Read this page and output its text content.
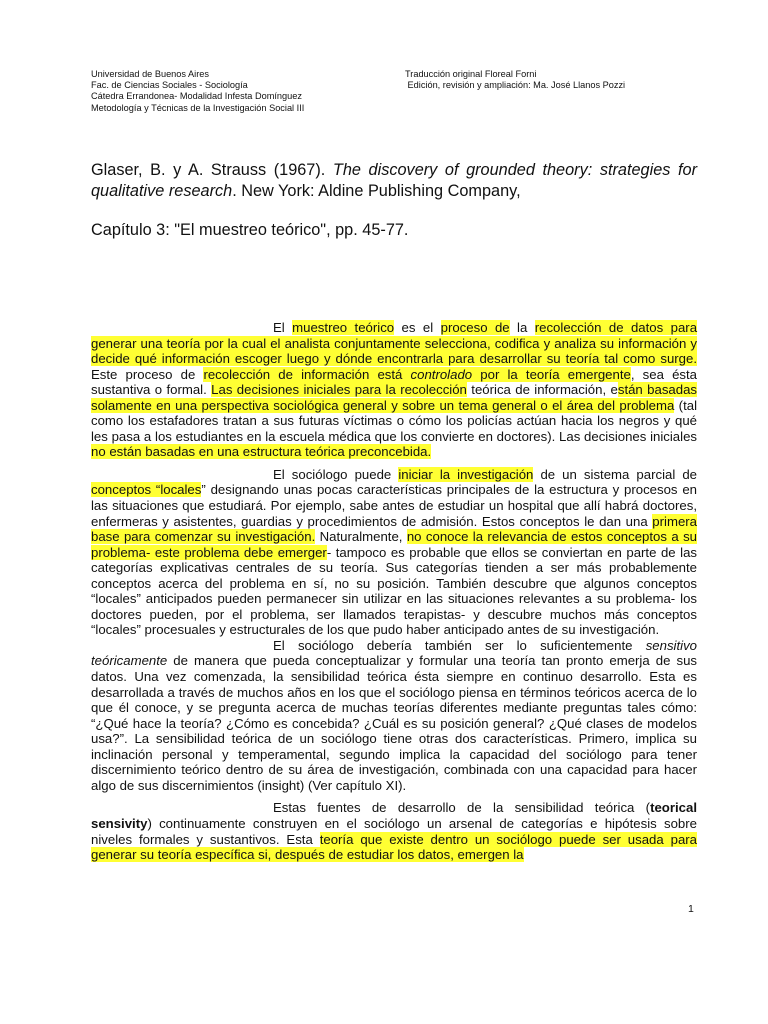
Universidad de Buenos Aires
Fac. de Ciencias Sociales - Sociología
Cátedra Errandonea- Modalidad Infesta Domínguez
Metodología y Técnicas de la Investigación Social III
Traducción original Floreal Forni
Edición, revisión y ampliación: Ma. José Llanos Pozzi
Glaser, B. y A. Strauss (1967). The discovery of grounded theory: strategies for qualitative research. New York: Aldine Publishing Company,
Capítulo 3: "El muestreo teórico", pp. 45-77.

El muestreo teórico es el proceso de la recolección de datos para generar una teoría por la cual el analista conjuntamente selecciona, codifica y analiza su información y decide qué información escoger luego y dónde encontrarla para desarrollar su teoría tal como surge. Este proceso de recolección de información está controlado por la teoría emergente, sea ésta sustantiva o formal. Las decisiones iniciales para la recolección teórica de información, están basadas solamente en una perspectiva sociológica general y sobre un tema general o el área del problema (tal como los estafadores tratan a sus futuras víctimas o cómo los policías actúan hacia los negros y qué les pasa a los estudiantes en la escuela médica que los convierte en doctores). Las decisiones iniciales no están basadas en una estructura teórica preconcebida.

El sociólogo puede iniciar la investigación de un sistema parcial de conceptos “locales” designando unas pocas características principales de la estructura y procesos en las situaciones que estudiará. Por ejemplo, sabe antes de estudiar un hospital que allí habrá doctores, enfermeras y asistentes, guardias y procedimientos de admisión. Estos conceptos le dan una primera base para comenzar su investigación. Naturalmente, no conoce la relevancia de estos conceptos a su problema- este problema debe emerger- tampoco es probable que ellos se conviertan en parte de las categorías explicativas centrales de su teoría. Sus categorías tienden a ser más probablemente conceptos acerca del problema en sí, no su posición. También descubre que algunos conceptos “locales” anticipados pueden permanecer sin utilizar en las situaciones relevantes a su problema- los doctores pueden, por el problema, ser llamados terapistas- y descubre muchos más conceptos “locales” procesuales y estructurales de los que pudo haber anticipado antes de su investigación.

El sociólogo debería también ser lo suficientemente sensitivo teóricamente de manera que pueda conceptualizar y formular una teoría tan pronto emerja de sus datos. Una vez comenzada, la sensibilidad teórica ésta siempre en continuo desarrollo. Esta es desarrollada a través de muchos años en los que el sociólogo piensa en términos teóricos acerca de lo que él conoce, y se pregunta acerca de muchas teorías diferentes mediante preguntas tales cómo: “¿Qué hace la teoría? ¿Cómo es concebida? ¿Cuál es su posición general? ¿Qué clases de modelos usa?”. La sensibilidad teórica de un sociólogo tiene otras dos características. Primero, implica su inclinación personal y temperamental, segundo implica la capacidad del sociólogo para tener discernimiento teórico dentro de su área de investigación, combinada con una capacidad para hacer algo de sus discernimientos (insight) (Ver capítulo XI).

Estas fuentes de desarrollo de la sensibilidad teórica (teorical sensivity) continuamente construyen en el sociólogo un arsenal de categorías e hipótesis sobre niveles formales y sustantivos. Esta teoría que existe dentro un sociólogo puede ser usada para generar su teoría específica si, después de estudiar los datos, emergen la

1
